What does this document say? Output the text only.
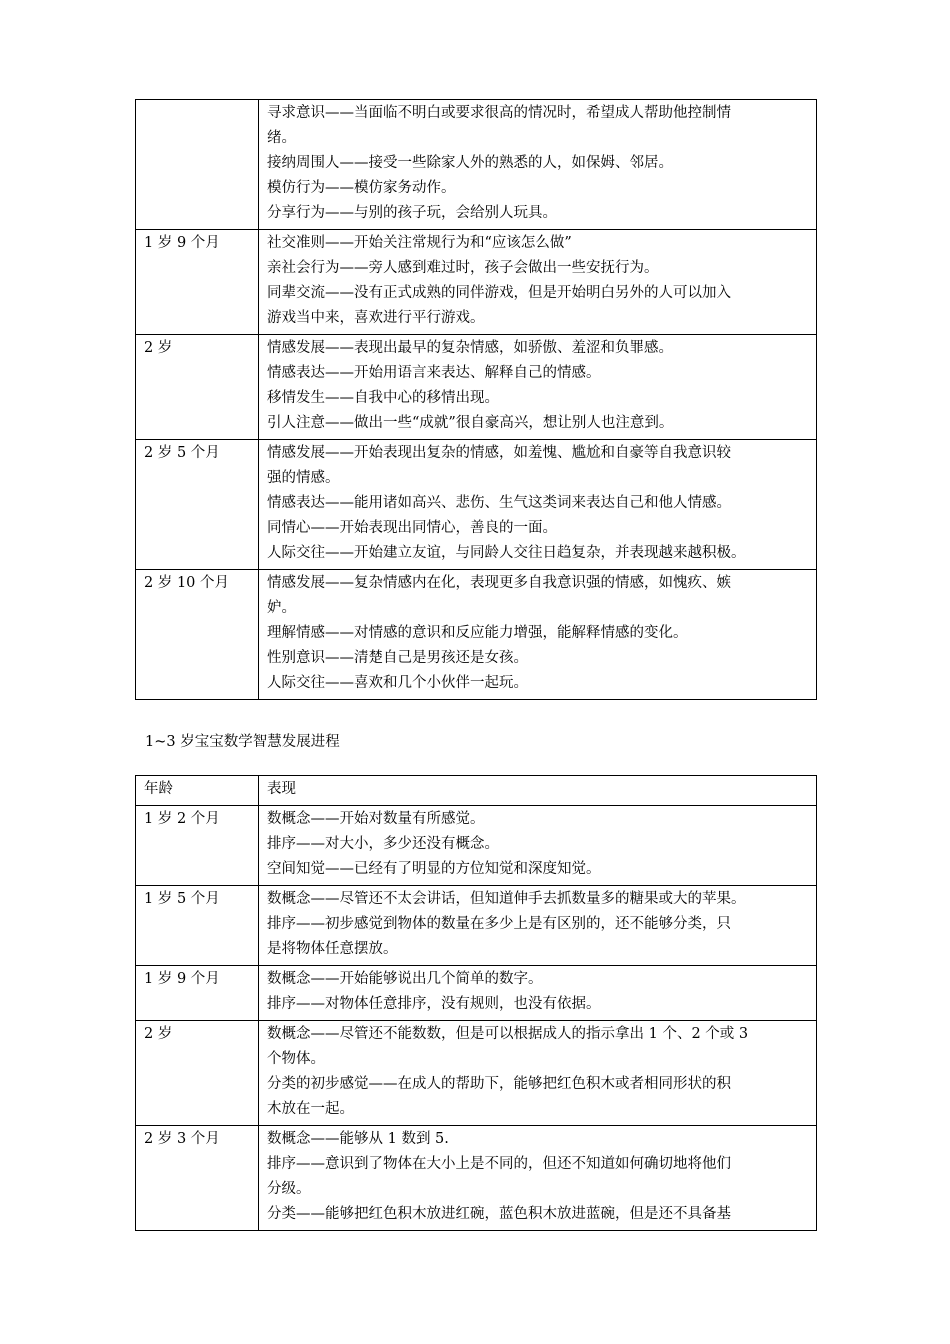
	寻求意识——当面临不明白或要求很高的情况时，希望成人帮助他控制情
绪。
接纳周围人——接受一些除家人外的熟悉的人，如保姆、邻居。
模仿行为——模仿家务动作。
分享行为——与别的孩子玩，会给别人玩具。

1 岁 9 个月	社交准则——开始关注常规行为和“应该怎么做”
亲社会行为——旁人感到难过时，孩子会做出一些安抚行为。
同辈交流——没有正式成熟的同伴游戏，但是开始明白另外的人可以加入
游戏当中来，喜欢进行平行游戏。

2 岁	情感发展——表现出最早的复杂情感，如骄傲、羞涩和负罪感。
情感表达——开始用语言来表达、解释自己的情感。
移情发生——自我中心的移情出现。
引人注意——做出一些“成就”很自豪高兴，想让别人也注意到。

2 岁 5 个月	情感发展——开始表现出复杂的情感，如羞愧、尴尬和自豪等自我意识较
强的情感。
情感表达——能用诸如高兴、悲伤、生气这类词来表达自己和他人情感。
同情心——开始表现出同情心，善良的一面。
人际交往——开始建立友谊，与同龄人交往日趋复杂，并表现越来越积极。

2 岁 10 个月	情感发展——复杂情感内在化，表现更多自我意识强的情感，如愧疚、嫉
妒。
理解情感——对情感的意识和反应能力增强，能解释情感的变化。
性别意识——清楚自己是男孩还是女孩。
人际交往——喜欢和几个小伙伴一起玩。
1~3 岁宝宝数学智慧发展进程
年龄	表现
1 岁 2 个月	数概念——开始对数量有所感觉。
排序——对大小，多少还没有概念。
空间知觉——已经有了明显的方位知觉和深度知觉。

1 岁 5 个月	数概念——尽管还不太会讲话，但知道伸手去抓数量多的糖果或大的苹果。
排序——初步感觉到物体的数量在多少上是有区别的，还不能够分类，只
是将物体任意摆放。

1 岁 9 个月	数概念——开始能够说出几个简单的数字。
排序——对物体任意排序，没有规则，也没有依据。

2 岁	数概念——尽管还不能数数，但是可以根据成人的指示拿出 1 个、2 个或 3
个物体。
分类的初步感觉——在成人的帮助下，能够把红色积木或者相同形状的积
木放在一起。

2 岁 3 个月	数概念——能够从 1 数到 5.
排序——意识到了物体在大小上是不同的，但还不知道如何确切地将他们
分级。
分类——能够把红色积木放进红碗，蓝色积木放进蓝碗，但是还不具备基
